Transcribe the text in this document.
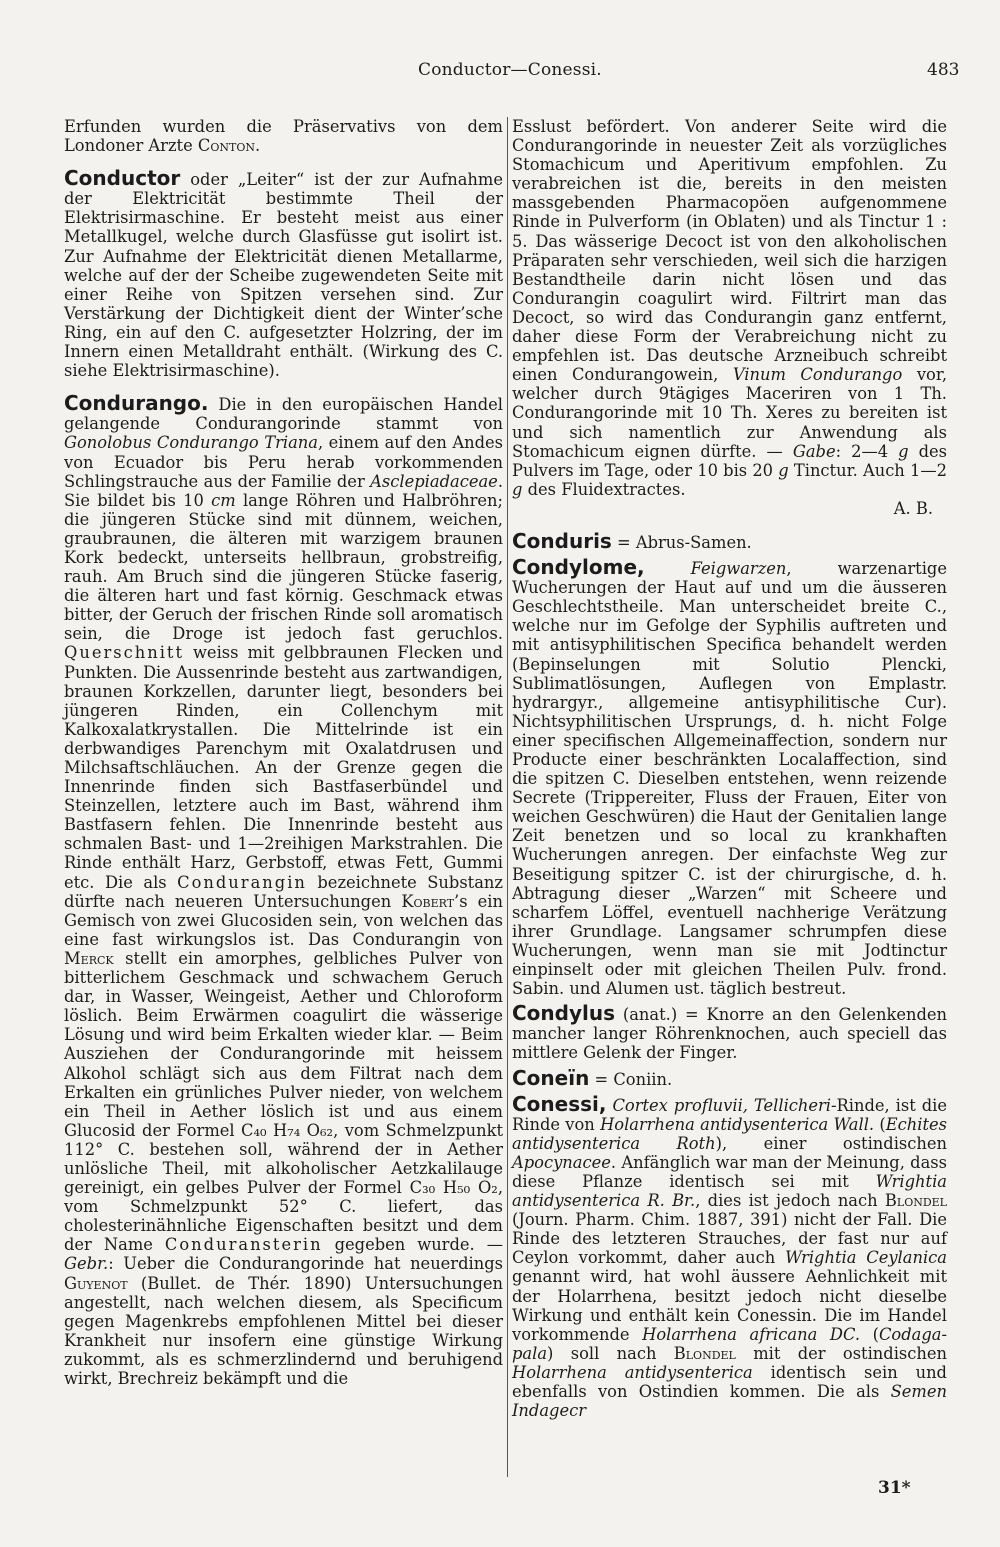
Conductor—Conessi.	483

Erfunden wurden die Präservativs von dem Londoner Arzte Conton.

Conductor oder „Leiter“ ist der zur Aufnahme der Elektricität bestimmte Theil der Elektrisirmaschine. Er besteht meist aus einer Metallkugel, welche durch Glasfüsse gut isolirt ist. Zur Aufnahme der Elektricität dienen Metallarme, welche auf der der Scheibe zugewendeten Seite mit einer Reihe von Spitzen versehen sind. Zur Verstärkung der Dichtigkeit dient der Winter’sche Ring, ein auf den C. aufgesetzter Holzring, der im Innern einen Metalldraht enthält. (Wirkung des C. siehe Elektrisirmaschine).

Condurango. Die in den europäischen Handel gelangende Condurangorinde stammt von Gonolobus Condurango Triana, einem auf den Andes von Ecuador bis Peru herab vorkommenden Schlingstrauche aus der Familie der Asclepiadaceae. Sie bildet bis 10 cm lange Röhren und Halbröhren; die jüngeren Stücke sind mit dünnem, weichen, graubraunen, die älteren mit warzigem braunen Kork bedeckt, unterseits hellbraun, grobstreifig, rauh. Am Bruch sind die jüngeren Stücke faserig, die älteren hart und fast körnig. Geschmack etwas bitter, der Geruch der frischen Rinde soll aromatisch sein, die Droge ist jedoch fast geruchlos. Querschnitt weiss mit gelbbraunen Flecken und Punkten. Die Aussenrinde besteht aus zartwandigen, braunen Korkzellen, darunter liegt, besonders bei jüngeren Rinden, ein Collenchym mit Kalkoxalatkrystallen. Die Mittelrinde ist ein derbwandiges Parenchym mit Oxalatdrusen und Milchsaftschläuchen. An der Grenze gegen die Innenrinde finden sich Bastfaserbündel und Steinzellen, letztere auch im Bast, während ihm Bastfasern fehlen. Die Innenrinde besteht aus schmalen Bast- und 1—2reihigen Markstrahlen. Die Rinde enthält Harz, Gerbstoff, etwas Fett, Gummi etc. Die als Condurangin bezeichnete Substanz dürfte nach neueren Untersuchungen Kobert’s ein Gemisch von zwei Glucosiden sein, von welchen das eine fast wirkungslos ist. Das Condurangin von Merck stellt ein amorphes, gelbliches Pulver von bitterlichem Geschmack und schwachem Geruch dar, in Wasser, Weingeist, Aether und Chloroform löslich. Beim Erwärmen coagulirt die wässerige Lösung und wird beim Erkalten wieder klar. — Beim Ausziehen der Condurangorinde mit heissem Alkohol schlägt sich aus dem Filtrat nach dem Erkalten ein grünliches Pulver nieder, von welchem ein Theil in Aether löslich ist und aus einem Glucosid der Formel C₄₀ H₇₄ O₆₂, vom Schmelzpunkt 112° C. bestehen soll, während der in Aether unlösliche Theil, mit alkoholischer Aetzkalilauge gereinigt, ein gelbes Pulver der Formel C₃₀ H₅₀ O₂, vom Schmelzpunkt 52° C. liefert, das cholesterinähnliche Eigenschaften besitzt und dem der Name Conduransterin gegeben wurde. — Gebr.: Ueber die Condurangorinde hat neuerdings Guyenot (Bullet. de Thér. 1890) Untersuchungen angestellt, nach welchen diesem, als Specificum gegen Magenkrebs empfohlenen Mittel bei dieser Krankheit nur insofern eine günstige Wirkung zukommt, als es schmerzlindernd und beruhigend wirkt, Brechreiz bekämpft und die

Esslust befördert. Von anderer Seite wird die Condurangorinde in neuester Zeit als vorzügliches Stomachicum und Aperitivum empfohlen. Zu verabreichen ist die, bereits in den meisten massgebenden Pharmacopöen aufgenommene Rinde in Pulverform (in Oblaten) und als Tinctur 1 : 5. Das wässerige Decoct ist von den alkoholischen Präparaten sehr verschieden, weil sich die harzigen Bestandtheile darin nicht lösen und das Condurangin coagulirt wird. Filtrirt man das Decoct, so wird das Condurangin ganz entfernt, daher diese Form der Verabreichung nicht zu empfehlen ist. Das deutsche Arzneibuch schreibt einen Condurangowein, Vinum Condurango vor, welcher durch 9tägiges Maceriren von 1 Th. Condurangorinde mit 10 Th. Xeres zu bereiten ist und sich namentlich zur Anwendung als Stomachicum eignen dürfte. — Gabe: 2—4 g des Pulvers im Tage, oder 10 bis 20 g Tinctur. Auch 1—2 g des Fluidextractes.

A. B.

Conduris = Abrus-Samen.

Condylome,	Feigwarzen, warzenartige Wucherungen der Haut auf und um die äusseren Geschlechtstheile. Man unterscheidet breite C., welche nur im Gefolge der Syphilis auftreten und mit antisyphilitischen Specifica behandelt werden (Bepinselungen mit Solutio Plencki, Sublimatlösungen, Auflegen von Emplastr. hydrargyr., allgemeine antisyphilitische Cur). Nichtsyphilitischen Ursprungs, d. h. nicht Folge einer specifischen Allgemeinaffection, sondern nur Producte einer beschränkten Localaffection, sind die spitzen C. Dieselben entstehen, wenn reizende Secrete (Trippereiter, Fluss der Frauen, Eiter von weichen Geschwüren) die Haut der Genitalien lange Zeit benetzen und so local zu krankhaften Wucherungen anregen. Der einfachste Weg zur Beseitigung spitzer C. ist der chirurgische, d. h. Abtragung dieser „Warzen“ mit Scheere und scharfem Löffel, eventuell nachherige Verätzung ihrer Grundlage. Langsamer schrumpfen diese Wucherungen, wenn man sie mit Jodtinctur einpinselt oder mit gleichen Theilen Pulv. frond. Sabin. und Alumen ust. täglich bestreut.

Condylus (anat.) = Knorre an den Gelenkenden mancher langer Röhrenknochen, auch speciell das mittlere Gelenk der Finger.

Coneïn = Coniin.

Conessi, Cortex profluvii, Tellicheri-Rinde, ist die Rinde von Holarrhena antidysenterica Wall. (Echites antidysenterica Roth), einer ostindischen Apocynacee. Anfänglich war man der Meinung, dass diese Pflanze identisch sei mit Wrightia antidysenterica R. Br., dies ist jedoch nach Blondel (Journ. Pharm. Chim. 1887, 391) nicht der Fall. Die Rinde des letzteren Strauches, der fast nur auf Ceylon vorkommt, daher auch Wrightia Ceylanica genannt wird, hat wohl äussere Aehnlichkeit mit der Holarrhena, besitzt jedoch nicht dieselbe Wirkung und enthält kein Conessin. Die im Handel vorkommende Holarrhena africana DC. (Codaga-pala) soll nach Blondel mit der ostindischen Holarrhena antidysenterica identisch sein und ebenfalls von Ostindien kommen. Die als Semen Indagecr

31*
